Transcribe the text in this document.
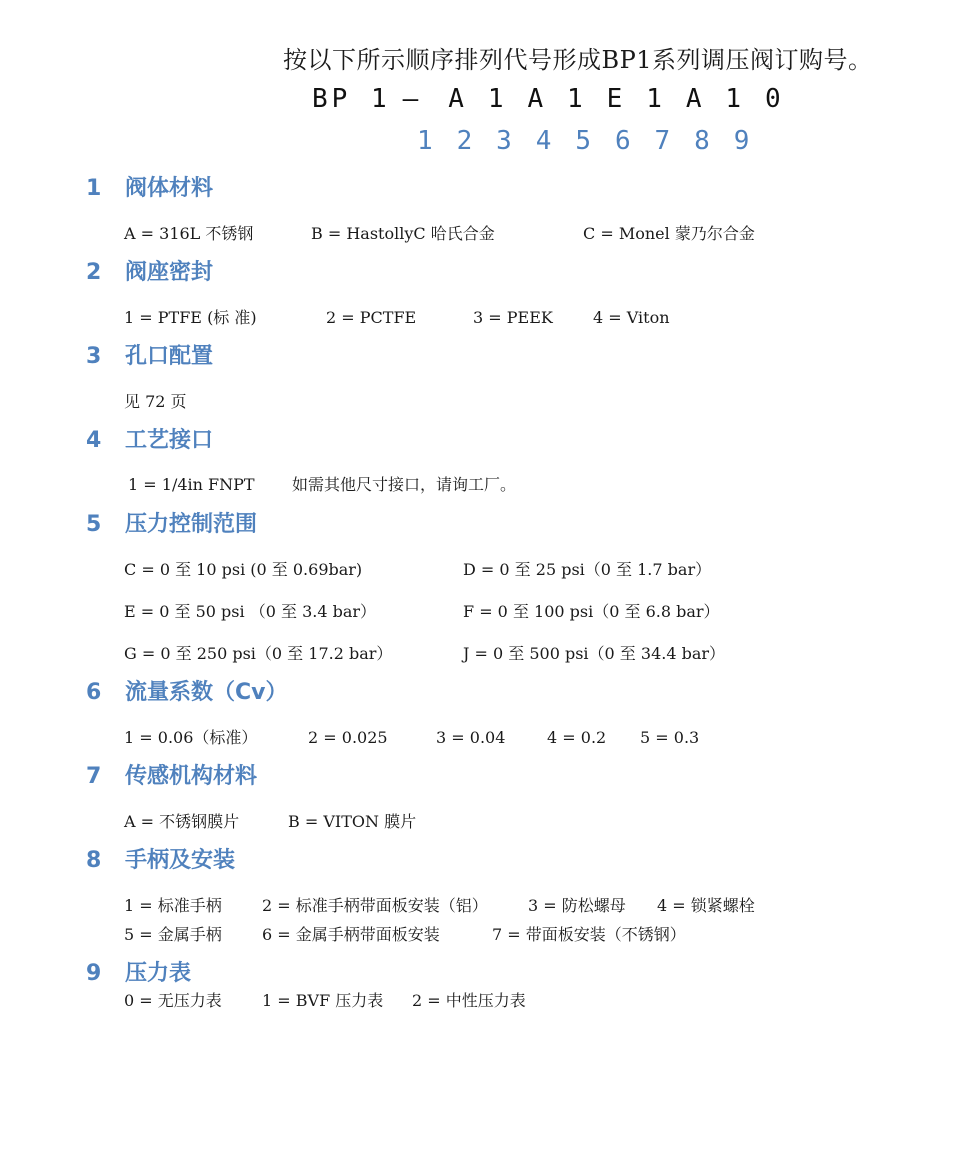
按以下所示顺序排列代号形成BP1系列调压阀订购号。
BP 1 —	A 1 A 1 E 1 A 1 0
1 2 3 4 5 6 7 8 9
1 阀体材料
A = 316L 不锈钢	B = HastollyC 哈氏合金	C = Monel 蒙乃尔合金
2 阀座密封
1 = PTFE (标 准)	2 = PCTFE	3 = PEEK	4 = Viton
3 孔口配置
见 72 页
4 工艺接口
1 = 1/4in FNPT 如需其他尺寸接口，请询工厂。
5 压力控制范围
C = 0 至 10 psi (0 至 0.69bar)	D = 0 至 25 psi（0 至 1.7 bar）
E = 0 至 50 psi （0 至 3.4 bar）	F = 0 至 100 psi（0 至 6.8 bar）
G = 0 至 250 psi（0 至 17.2 bar）	J = 0 至 500 psi（0 至 34.4 bar）
6 流量系数（Cv）
1 = 0.06（标准）	2 = 0.025	3 = 0.04	4 = 0.2 5 = 0.3
7 传感机构材料
A = 不锈钢膜片	B = VITON 膜片
8 手柄及安装
1 = 标准手柄	2 = 标准手柄带面板安装（铝）	3 = 防松螺母 4 = 锁紧螺栓
5 = 金属手柄	6 = 金属手柄带面板安装	7 = 带面板安装（不锈钢）
9 压力表
0 = 无压力表	1 = BVF 压力表 2 = 中性压力表
